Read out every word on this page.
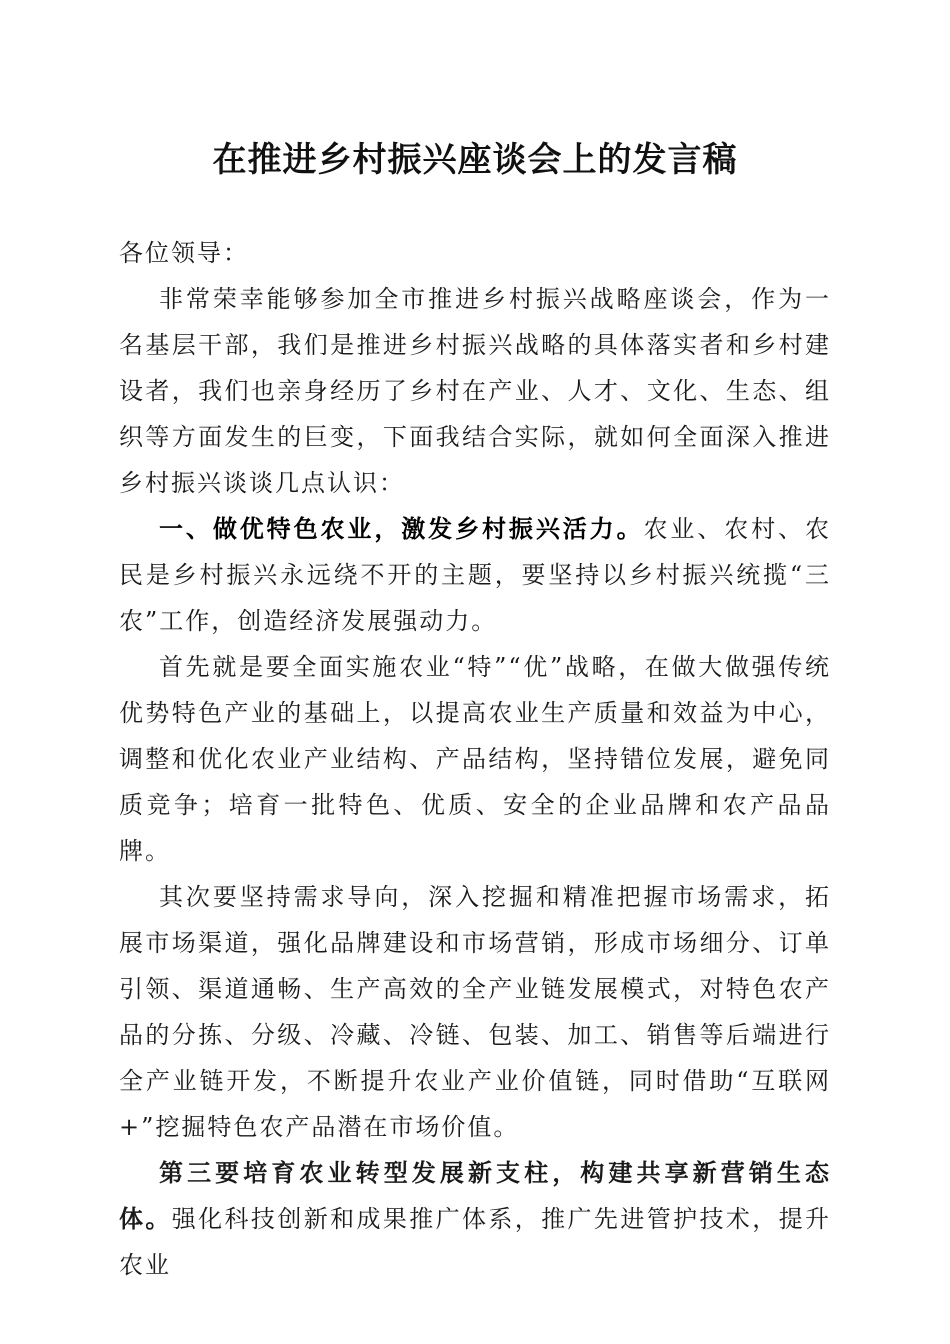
在推进乡村振兴座谈会上的发言稿

各位领导：

非常荣幸能够参加全市推进乡村振兴战略座谈会，作为一名基层干部，我们是推进乡村振兴战略的具体落实者和乡村建设者，我们也亲身经历了乡村在产业、人才、文化、生态、组织等方面发生的巨变，下面我结合实际，就如何全面深入推进乡村振兴谈谈几点认识：

一、做优特色农业，激发乡村振兴活力。农业、农村、农民是乡村振兴永远绕不开的主题，要坚持以乡村振兴统揽“三农”工作，创造经济发展强动力。

首先就是要全面实施农业“特”“优”战略，在做大做强传统优势特色产业的基础上，以提高农业生产质量和效益为中心，调整和优化农业产业结构、产品结构，坚持错位发展，避免同质竞争；培育一批特色、优质、安全的企业品牌和农产品品牌。

其次要坚持需求导向，深入挖掘和精准把握市场需求，拓展市场渠道，强化品牌建设和市场营销，形成市场细分、订单引领、渠道通畅、生产高效的全产业链发展模式，对特色农产品的分拣、分级、冷藏、冷链、包装、加工、销售等后端进行全产业链开发，不断提升农业产业价值链，同时借助“互联网+”挖掘特色农产品潜在市场价值。

第三要培育农业转型发展新支柱，构建共享新营销生态体。强化科技创新和成果推广体系，推广先进管护技术，提升农业
